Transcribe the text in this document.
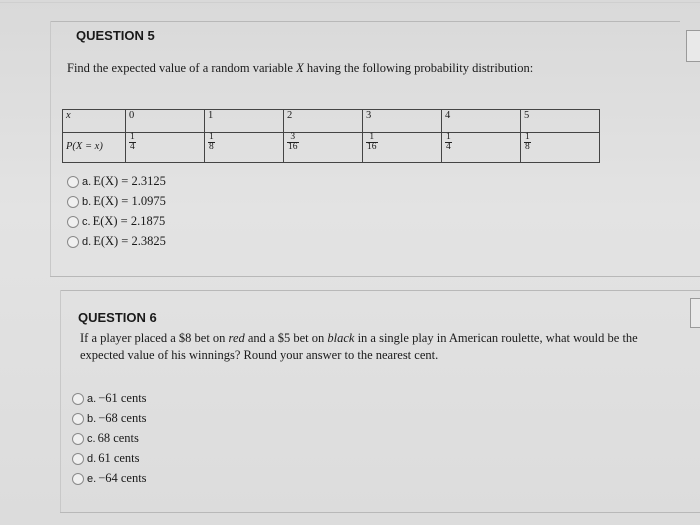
QUESTION 5
Find the expected value of a random variable X having the following probability distribution:
x	0	1	2	3	4	5
P(X = x)	$\frac{1}{4}$	$\frac{1}{8}$	$\frac{3}{16}$	$\frac{1}{16}$	$\frac{1}{4}$	$\frac{1}{8}$
a. E(X) = 2.3125
b. E(X) = 1.0975
c. E(X) = 2.1875
d. E(X) = 2.3825
QUESTION 6
If a player placed a $8 bet on red and a $5 bet on black in a single play in American roulette, what would be the
expected value of his winnings? Round your answer to the nearest cent.
a. −61 cents
b. −68 cents
c. 68 cents
d. 61 cents
e. −64 cents
